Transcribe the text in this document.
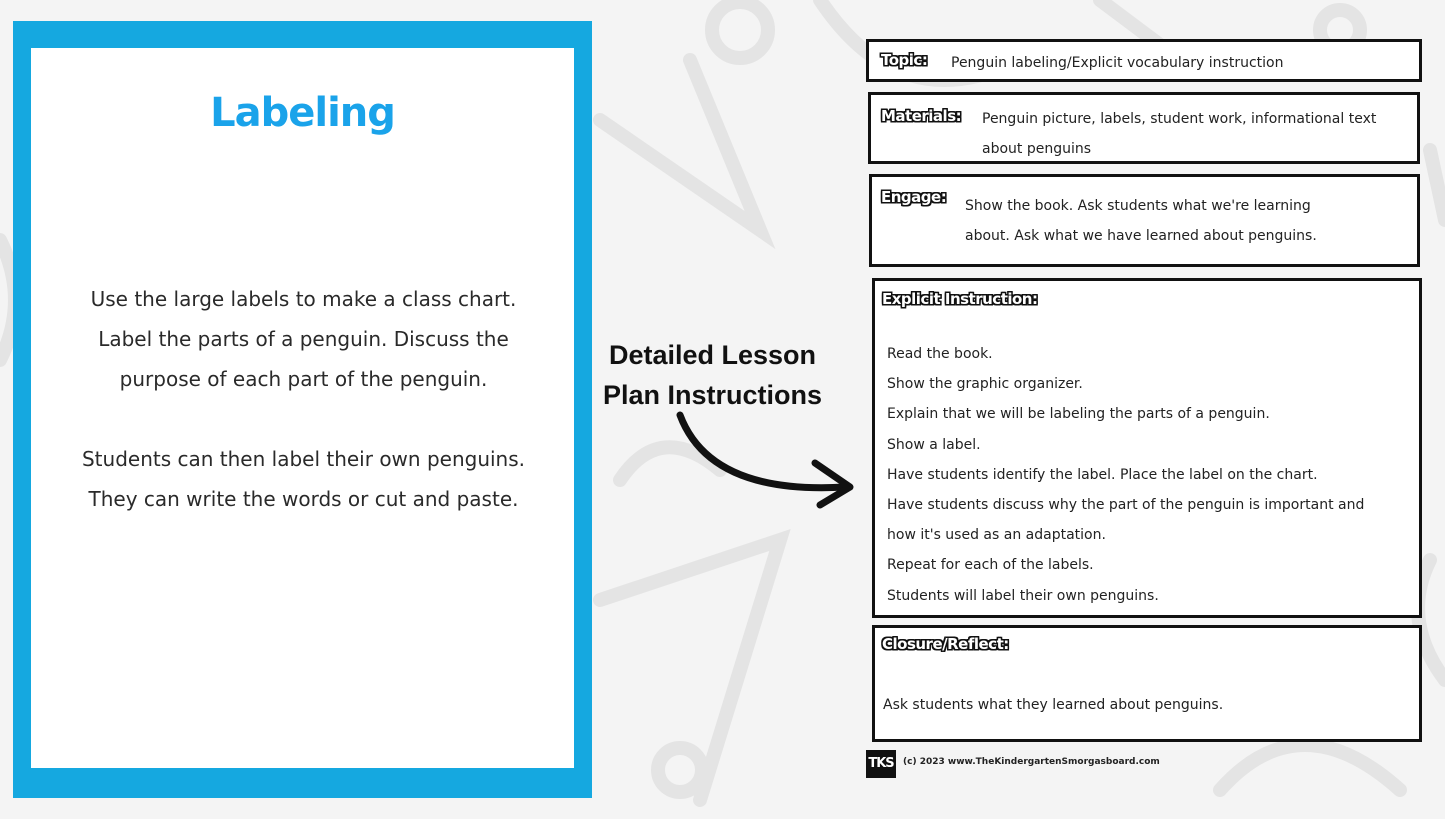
Labeling

Use the large labels to make a class chart. Label the parts of a penguin. Discuss the purpose of each part of the penguin.

Students can then label their own penguins. They can write the words or cut and paste.

Detailed Lesson
Plan Instructions
Topic: Penguin labeling/Explicit vocabulary instruction
Materials: Penguin picture, labels, student work, informational text
about penguins
Engage: Show the book. Ask students what we're learning
about. Ask what we have learned about penguins.
Explicit Instruction:
Read the book.
Show the graphic organizer.
Explain that we will be labeling the parts of a penguin.
Show a label.
Have students identify the label. Place the label on the chart.
Have students discuss why the part of the penguin is important and
how it's used as an adaptation.
Repeat for each of the labels.
Students will label their own penguins.
Closure/Reflect:
Ask students what they learned about penguins.
TKS (c) 2023 www.TheKindergartenSmorgasboard.com
